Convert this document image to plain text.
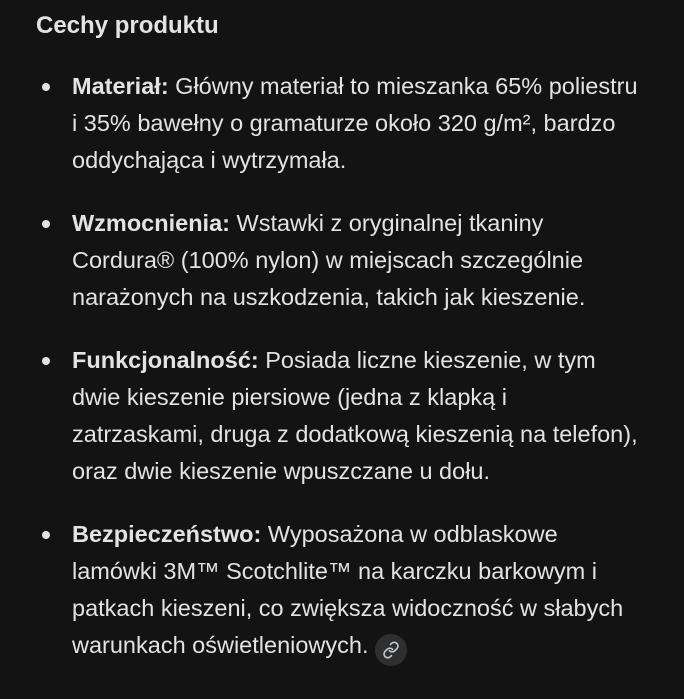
Cechy produktu
Materiał: Główny materiał to mieszanka 65% poliestru i 35% bawełny o gramaturze około 320 g/m², bardzo oddychająca i wytrzymała.
Wzmocnienia: Wstawki z oryginalnej tkaniny Cordura® (100% nylon) w miejscach szczególnie narażonych na uszkodzenia, takich jak kieszenie.
Funkcjonalność: Posiada liczne kieszenie, w tym dwie kieszenie piersiowe (jedna z klapką i zatrzaskami, druga z dodatkową kieszenią na telefon), oraz dwie kieszenie wpuszczane u dołu.
Bezpieczeństwo: Wyposażona w odblaskowe lamówki 3M™ Scotchlite™ na karczku barkowym i patkach kieszeni, co zwiększa widoczność w słabych warunkach oświetleniowych.
